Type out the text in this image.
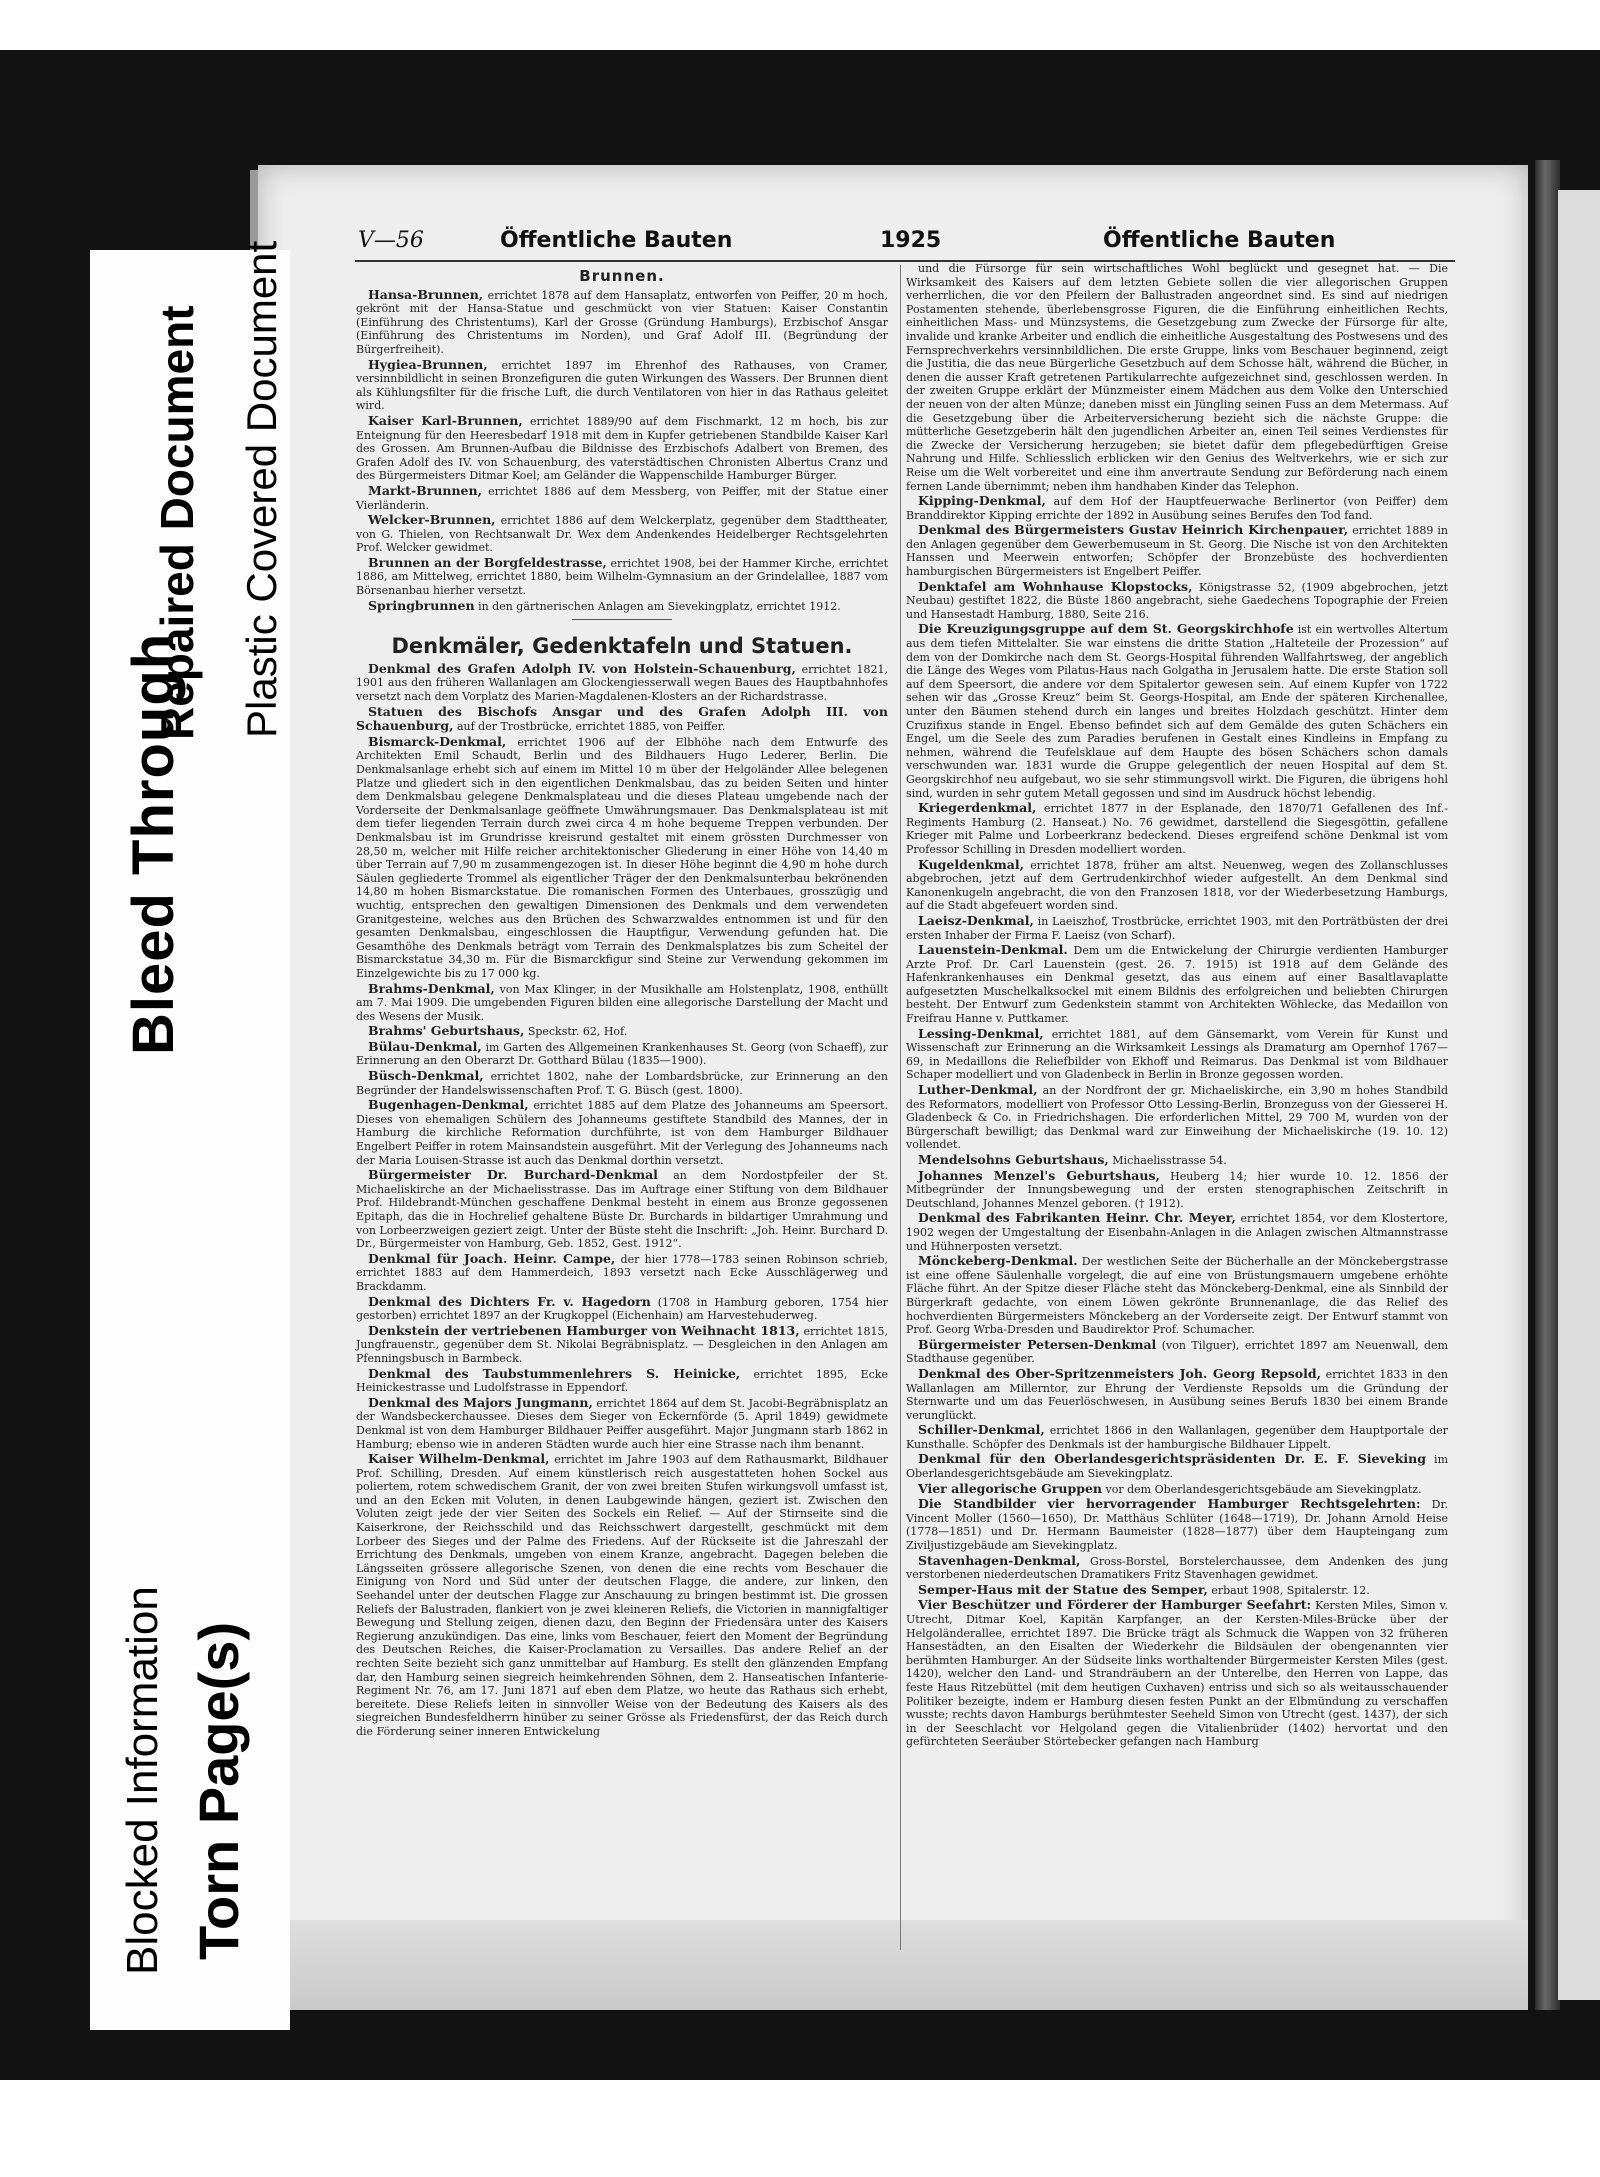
Blocked Information Torn Page(s)
Bleed Through
Repaired Document Plastic Covered Document
V—56	Öffentliche Bauten	1925	Öffentliche Bauten
Brunnen.

Hansa-Brunnen, errichtet 1878 auf dem Hansaplatz, entworfen von Peiffer, 20 m hoch, gekrönt mit der Hansa-Statue und geschmückt von vier Statuen: Kaiser Constantin (Einführung des Christentums), Karl der Grosse (Gründung Hamburgs), Erzbischof Ansgar (Einführung des Christentums im Norden), und Graf Adolf III. (Begründung der Bürgerfreiheit).

Hygiea-Brunnen, errichtet 1897 im Ehrenhof des Rathauses, von Cramer, versinnbildlicht in seinen Bronzefiguren die guten Wirkungen des Wassers. Der Brunnen dient als Kühlungsfilter für die frische Luft, die durch Ventilatoren von hier in das Rathaus geleitet wird.

Kaiser Karl-Brunnen, errichtet 1889/90 auf dem Fischmarkt, 12 m hoch, bis zur Enteignung für den Heeresbedarf 1918 mit dem in Kupfer getriebenen Standbilde Kaiser Karl des Grossen. Am Brunnen-Aufbau die Bildnisse des Erzbischofs Adalbert von Bremen, des Grafen Adolf des IV. von Schauenburg, des vaterstädtischen Chronisten Albertus Cranz und des Bürgermeisters Ditmar Koel; am Geländer die Wappenschilde Hamburger Bürger.

Markt-Brunnen, errichtet 1886 auf dem Messberg, von Peiffer, mit der Statue einer Vierländerin.

Welcker-Brunnen, errichtet 1886 auf dem Welckerplatz, gegenüber dem Stadttheater, von G. Thielen, von Rechtsanwalt Dr. Wex dem Andenkendes Heidelberger Rechtsgelehrten Prof. Welcker gewidmet.

Brunnen an der Borgfeldestrasse, errichtet 1908, bei der Hammer Kirche, errichtet 1886, am Mittelweg, errichtet 1880, beim Wilhelm-Gymnasium an der Grindelallee, 1887 vom Börsenanbau hierher versetzt.

Springbrunnen in den gärtnerischen Anlagen am Sievekingplatz, errichtet 1912.

Denkmäler, Gedenktafeln und Statuen.

Denkmal des Grafen Adolph IV. von Holstein-Schauenburg, errichtet 1821, 1901 aus den früheren Wallanlagen am Glockengiesserwall wegen Baues des Hauptbahnhofes versetzt nach dem Vorplatz des Marien-Magdalenen-Klosters an der Richardstrasse.

Statuen des Bischofs Ansgar und des Grafen Adolph III. von Schauenburg, auf der Trostbrücke, errichtet 1885, von Peiffer.

Bismarck-Denkmal, errichtet 1906 auf der Elbhöhe nach dem Entwurfe des Architekten Emil Schaudt, Berlin und des Bildhauers Hugo Lederer, Berlin. Die Denkmalsanlage erhebt sich auf einem im Mittel 10 m über der Helgoländer Allee belegenen Platze und gliedert sich in den eigentlichen Denkmalsbau, das zu beiden Seiten und hinter dem Denkmalsbau gelegene Denkmalsplateau und die dieses Plateau umgebende nach der Vorderseite der Denkmalsanlage geöffnete Umwährungsmauer. Das Denkmalsplateau ist mit dem tiefer liegenden Terrain durch zwei circa 4 m hohe bequeme Treppen verbunden. Der Denkmalsbau ist im Grundrisse kreisrund gestaltet mit einem grössten Durchmesser von 28,50 m, welcher mit Hilfe reicher architektonischer Gliederung in einer Höhe von 14,40 m über Terrain auf 7,90 m zusammengezogen ist. In dieser Höhe beginnt die 4,90 m hohe durch Säulen gegliederte Trommel als eigentlicher Träger der den Denkmalsunterbau bekrönenden 14,80 m hohen Bismarckstatue. Die romanischen Formen des Unterbaues, grosszügig und wuchtig, entsprechen den gewaltigen Dimensionen des Denkmals und dem verwendeten Granitgesteine, welches aus den Brüchen des Schwarzwaldes entnommen ist und für den gesamten Denkmalsbau, eingeschlossen die Hauptfigur, Verwendung gefunden hat. Die Gesamthöhe des Denkmals beträgt vom Terrain des Denkmalsplatzes bis zum Scheitel der Bismarckstatue 34,30 m. Für die Bismarckfigur sind Steine zur Verwendung gekommen im Einzelgewichte bis zu 17 000 kg.

Brahms-Denkmal, von Max Klinger, in der Musikhalle am Holstenplatz, 1908, enthüllt am 7. Mai 1909. Die umgebenden Figuren bilden eine allegorische Darstellung der Macht und des Wesens der Musik.

Brahms' Geburtshaus, Speckstr. 62, Hof.

Bülau-Denkmal, im Garten des Allgemeinen Krankenhauses St. Georg (von Schaeff), zur Erinnerung an den Oberarzt Dr. Gotthard Bülau (1835—1900).

Büsch-Denkmal, errichtet 1802, nahe der Lombardsbrücke, zur Erinnerung an den Begründer der Handelswissenschaften Prof. T. G. Büsch (gest. 1800).

Bugenhagen-Denkmal, errichtet 1885 auf dem Platze des Johanneums am Speersort. Dieses von ehemaligen Schülern des Johanneums gestiftete Standbild des Mannes, der in Hamburg die kirchliche Reformation durchführte, ist von dem Hamburger Bildhauer Engelbert Peiffer in rotem Mainsandstein ausgeführt. Mit der Verlegung des Johanneums nach der Maria Louisen-Strasse ist auch das Denkmal dorthin versetzt.

Bürgermeister Dr. Burchard-Denkmal an dem Nordostpfeiler der St. Michaeliskirche an der Michaelisstrasse. Das im Auftrage einer Stiftung von dem Bildhauer Prof. Hildebrandt-München geschaffene Denkmal besteht in einem aus Bronze gegossenen Epitaph, das die in Hochrelief gehaltene Büste Dr. Burchards in bildartiger Umrahmung und von Lorbeerzweigen geziert zeigt. Unter der Büste steht die Inschrift: „Joh. Heinr. Burchard D. Dr., Bürgermeister von Hamburg, Geb. 1852, Gest. 1912“.

Denkmal für Joach. Heinr. Campe, der hier 1778—1783 seinen Robinson schrieb, errichtet 1883 auf dem Hammerdeich, 1893 versetzt nach Ecke Ausschlägerweg und Brackdamm.

Denkmal des Dichters Fr. v. Hagedorn (1708 in Hamburg geboren, 1754 hier gestorben) errichtet 1897 an der Krugkoppel (Eichenhain) am Harvestehuderweg.

Denkstein der vertriebenen Hamburger von Weihnacht 1813, errichtet 1815, Jungfrauenstr., gegenüber dem St. Nikolai Begräbnisplatz. — Desgleichen in den Anlagen am Pfenningsbusch in Barmbeck.

Denkmal des Taubstummenlehrers S. Heinicke, errichtet 1895, Ecke Heinickestrasse und Ludolfstrasse in Eppendorf.

Denkmal des Majors Jungmann, errichtet 1864 auf dem St. Jacobi-Begräbnisplatz an der Wandsbeckerchaussee. Dieses dem Sieger von Eckernförde (5. April 1849) gewidmete Denkmal ist von dem Hamburger Bildhauer Peiffer ausgeführt. Major Jungmann starb 1862 in Hamburg; ebenso wie in anderen Städten wurde auch hier eine Strasse nach ihm benannt.

Kaiser Wilhelm-Denkmal, errichtet im Jahre 1903 auf dem Rathausmarkt, Bildhauer Prof. Schilling, Dresden. Auf einem künstlerisch reich ausgestatteten hohen Sockel aus poliertem, rotem schwedischem Granit, der von zwei breiten Stufen wirkungsvoll umfasst ist, und an den Ecken mit Voluten, in denen Laubgewinde hängen, geziert ist. Zwischen den Voluten zeigt jede der vier Seiten des Sockels ein Relief. — Auf der Stirnseite sind die Kaiserkrone, der Reichsschild und das Reichsschwert dargestellt, geschmückt mit dem Lorbeer des Sieges und der Palme des Friedens. Auf der Rückseite ist die Jahreszahl der Errichtung des Denkmals, umgeben von einem Kranze, angebracht. Dagegen beleben die Längsseiten grössere allegorische Szenen, von denen die eine rechts vom Beschauer die Einigung von Nord und Süd unter der deutschen Flagge, die andere, zur linken, den Seehandel unter der deutschen Flagge zur Anschauung zu bringen bestimmt ist. Die grossen Reliefs der Balustraden, flankiert von je zwei kleineren Reliefs, die Victorien in mannigfaltiger Bewegung und Stellung zeigen, dienen dazu, den Beginn der Friedensära unter des Kaisers Regierung anzukündigen. Das eine, links vom Beschauer, feiert den Moment der Begründung des Deutschen Reiches, die Kaiser-Proclamation zu Versailles. Das andere Relief an der rechten Seite bezieht sich ganz unmittelbar auf Hamburg. Es stellt den glänzenden Empfang dar, den Hamburg seinen siegreich heimkehrenden Söhnen, dem 2. Hanseatischen Infanterie-Regiment Nr. 76, am 17. Juni 1871 auf eben dem Platze, wo heute das Rathaus sich erhebt, bereitete. Diese Reliefs leiten in sinnvoller Weise von der Bedeutung des Kaisers als des siegreichen Bundesfeldherrn hinüber zu seiner Grösse als Friedensfürst, der das Reich durch die Förderung seiner inneren Entwickelung

und die Fürsorge für sein wirtschaftliches Wohl beglückt und gesegnet hat. — Die Wirksamkeit des Kaisers auf dem letzten Gebiete sollen die vier allegorischen Gruppen verherrlichen, die vor den Pfeilern der Ballustraden angeordnet sind. Es sind auf niedrigen Postamenten stehende, überlebensgrosse Figuren, die die Einführung einheitlichen Rechts, einheitlichen Mass- und Münzsystems, die Gesetzgebung zum Zwecke der Fürsorge für alte, invalide und kranke Arbeiter und endlich die einheitliche Ausgestaltung des Postwesens und des Fernsprechverkehrs versinnbildlichen. Die erste Gruppe, links vom Beschauer beginnend, zeigt die Justitia, die das neue Bürgerliche Gesetzbuch auf dem Schosse hält, während die Bücher, in denen die ausser Kraft getretenen Partikularrechte aufgezeichnet sind, geschlossen werden. In der zweiten Gruppe erklärt der Münzmeister einem Mädchen aus dem Volke den Unterschied der neuen von der alten Münze; daneben misst ein Jüngling seinen Fuss an dem Metermass. Auf die Gesetzgebung über die Arbeiterversicherung bezieht sich die nächste Gruppe: die mütterliche Gesetzgeberin hält den jugendlichen Arbeiter an, einen Teil seines Verdienstes für die Zwecke der Versicherung herzugeben; sie bietet dafür dem pflegebedürftigen Greise Nahrung und Hilfe. Schliesslich erblicken wir den Genius des Weltverkehrs, wie er sich zur Reise um die Welt vorbereitet und eine ihm anvertraute Sendung zur Beförderung nach einem fernen Lande übernimmt; neben ihm handhaben Kinder das Telephon.

Kipping-Denkmal, auf dem Hof der Hauptfeuerwache Berlinertor (von Peiffer) dem Branddirektor Kipping errichte der 1892 in Ausübung seines Berufes den Tod fand.

Denkmal des Bürgermeisters Gustav Heinrich Kirchenpauer, errichtet 1889 in den Anlagen gegenüber dem Gewerbemuseum in St. Georg. Die Nische ist von den Architekten Hanssen und Meerwein entworfen; Schöpfer der Bronzebüste des hochverdienten hamburgischen Bürgermeisters ist Engelbert Peiffer.

Denktafel am Wohnhause Klopstocks, Königstrasse 52, (1909 abgebrochen, jetzt Neubau) gestiftet 1822, die Büste 1860 angebracht, siehe Gaedechens Topographie der Freien und Hansestadt Hamburg, 1880, Seite 216.

Die Kreuzigungsgruppe auf dem St. Georgskirchhofe ist ein wertvolles Altertum aus dem tiefen Mittelalter. Sie war einstens die dritte Station „Halteteile der Prozession“ auf dem von der Domkirche nach dem St. Georgs-Hospital führenden Wallfahrtsweg, der angeblich die Länge des Weges vom Pilatus-Haus nach Golgatha in Jerusalem hatte. Die erste Station soll auf dem Speersort, die andere vor dem Spitalertor gewesen sein. Auf einem Kupfer von 1722 sehen wir das „Grosse Kreuz“ beim St. Georgs-Hospital, am Ende der späteren Kirchenallee, unter den Bäumen stehend durch ein langes und breites Holzdach geschützt. Hinter dem Cruzifixus stande in Engel. Ebenso befindet sich auf dem Gemälde des guten Schächers ein Engel, um die Seele des zum Paradies berufenen in Gestalt eines Kindleins in Empfang zu nehmen, während die Teufelsklaue auf dem Haupte des bösen Schächers schon damals verschwunden war. 1831 wurde die Gruppe gelegentlich der neuen Hospital auf dem St. Georgskirchhof neu aufgebaut, wo sie sehr stimmungsvoll wirkt. Die Figuren, die übrigens hohl sind, wurden in sehr gutem Metall gegossen und sind im Ausdruck höchst lebendig.

Kriegerdenkmal, errichtet 1877 in der Esplanade, den 1870/71 Gefallenen des Inf.-Regiments Hamburg (2. Hanseat.) No. 76 gewidmet, darstellend die Siegesgöttin, gefallene Krieger mit Palme und Lorbeerkranz bedeckend. Dieses ergreifend schöne Denkmal ist vom Professor Schilling in Dresden modelliert worden.

Kugeldenkmal, errichtet 1878, früher am altst. Neuenweg, wegen des Zollanschlusses abgebrochen, jetzt auf dem Gertrudenkirchhof wieder aufgestellt. An dem Denkmal sind Kanonenkugeln angebracht, die von den Franzosen 1818, vor der Wiederbesetzung Hamburgs, auf die Stadt abgefeuert worden sind.

Laeisz-Denkmal, in Laeiszhof, Trostbrücke, errichtet 1903, mit den Porträtbüsten der drei ersten Inhaber der Firma F. Laeisz (von Scharf).

Lauenstein-Denkmal. Dem um die Entwickelung der Chirurgie verdienten Hamburger Arzte Prof. Dr. Carl Lauenstein (gest. 26. 7. 1915) ist 1918 auf dem Gelände des Hafenkrankenhauses ein Denkmal gesetzt, das aus einem auf einer Basaltlavaplatte aufgesetzten Muschelkalksockel mit einem Bildnis des erfolgreichen und beliebten Chirurgen besteht. Der Entwurf zum Gedenkstein stammt von Architekten Wöhlecke, das Medaillon von Freifrau Hanne v. Puttkamer.

Lessing-Denkmal, errichtet 1881, auf dem Gänsemarkt, vom Verein für Kunst und Wissenschaft zur Erinnerung an die Wirksamkeit Lessings als Dramaturg am Opernhof 1767—69, in Medaillons die Reliefbilder von Ekhoff und Reimarus. Das Denkmal ist vom Bildhauer Schaper modelliert und von Gladenbeck in Berlin in Bronze gegossen worden.

Luther-Denkmal, an der Nordfront der gr. Michaeliskirche, ein 3,90 m hohes Standbild des Reformators, modelliert von Professor Otto Lessing-Berlin, Bronzeguss von der Giesserei H. Gladenbeck & Co. in Friedrichshagen. Die erforderlichen Mittel, 29 700 M, wurden von der Bürgerschaft bewilligt; das Denkmal ward zur Einweihung der Michaeliskirche (19. 10. 12) vollendet.

Mendelsohns Geburtshaus, Michaelisstrasse 54.

Johannes Menzel's Geburtshaus, Heuberg 14; hier wurde 10. 12. 1856 der Mitbegründer der Innungsbewegung und der ersten stenographischen Zeitschrift in Deutschland, Johannes Menzel geboren. († 1912).

Denkmal des Fabrikanten Heinr. Chr. Meyer, errichtet 1854, vor dem Klostertore, 1902 wegen der Umgestaltung der Eisenbahn-Anlagen in die Anlagen zwischen Altmannstrasse und Hühnerposten versetzt.

Mönckeberg-Denkmal. Der westlichen Seite der Bücherhalle an der Mönckebergstrasse ist eine offene Säulenhalle vorgelegt, die auf eine von Brüstungsmauern umgebene erhöhte Fläche führt. An der Spitze dieser Fläche steht das Mönckeberg-Denkmal, eine als Sinnbild der Bürgerkraft gedachte, von einem Löwen gekrönte Brunnenanlage, die das Relief des hochverdienten Bürgermeisters Mönckeberg an der Vorderseite zeigt. Der Entwurf stammt von Prof. Georg Wrba-Dresden und Baudirektor Prof. Schumacher.

Bürgermeister Petersen-Denkmal (von Tilguer), errichtet 1897 am Neuenwall, dem Stadthause gegenüber.

Denkmal des Ober-Spritzenmeisters Joh. Georg Repsold, errichtet 1833 in den Wallanlagen am Millerntor, zur Ehrung der Verdienste Repsolds um die Gründung der Sternwarte und um das Feuerlöschwesen, in Ausübung seines Berufs 1830 bei einem Brande verunglückt.

Schiller-Denkmal, errichtet 1866 in den Wallanlagen, gegenüber dem Hauptportale der Kunsthalle. Schöpfer des Denkmals ist der hamburgische Bildhauer Lippelt.

Denkmal für den Oberlandesgerichtspräsidenten Dr. E. F. Sieveking im Oberlandesgerichtsgebäude am Sievekingplatz.

Vier allegorische Gruppen vor dem Oberlandesgerichtsgebäude am Sievekingplatz.

Die Standbilder vier hervorragender Hamburger Rechtsgelehrten: Dr. Vincent Moller (1560—1650), Dr. Matthäus Schlüter (1648—1719), Dr. Johann Arnold Heise (1778—1851) und Dr. Hermann Baumeister (1828—1877) über dem Haupteingang zum Ziviljustizgebäude am Sievekingplatz.

Stavenhagen-Denkmal, Gross-Borstel, Borstelerchaussee, dem Andenken des jung verstorbenen niederdeutschen Dramatikers Fritz Stavenhagen gewidmet.

Semper-Haus mit der Statue des Semper, erbaut 1908, Spitalerstr. 12.

Vier Beschützer und Förderer der Hamburger Seefahrt: Kersten Miles, Simon v. Utrecht, Ditmar Koel, Kapitän Karpfanger, an der Kersten-Miles-Brücke über der Helgoländerallee, errichtet 1897. Die Brücke trägt als Schmuck die Wappen von 32 früheren Hansestädten, an den Eisalten der Wiederkehr die Bildsäulen der obengenannten vier berühmten Hamburger. An der Südseite links worthaltender Bürgermeister Kersten Miles (gest. 1420), welcher den Land- und Strandräubern an der Unterelbe, den Herren von Lappe, das feste Haus Ritzebüttel (mit dem heutigen Cuxhaven) entriss und sich so als weitausschauender Politiker bezeigte, indem er Hamburg diesen festen Punkt an der Elbmündung zu verschaffen wusste; rechts davon Hamburgs berühmtester Seeheld Simon von Utrecht (gest. 1437), der sich in der Seeschlacht vor Helgoland gegen die Vitalienbrüder (1402) hervortat und den gefürchteten Seeräuber Störtebecker gefangen nach Hamburg
